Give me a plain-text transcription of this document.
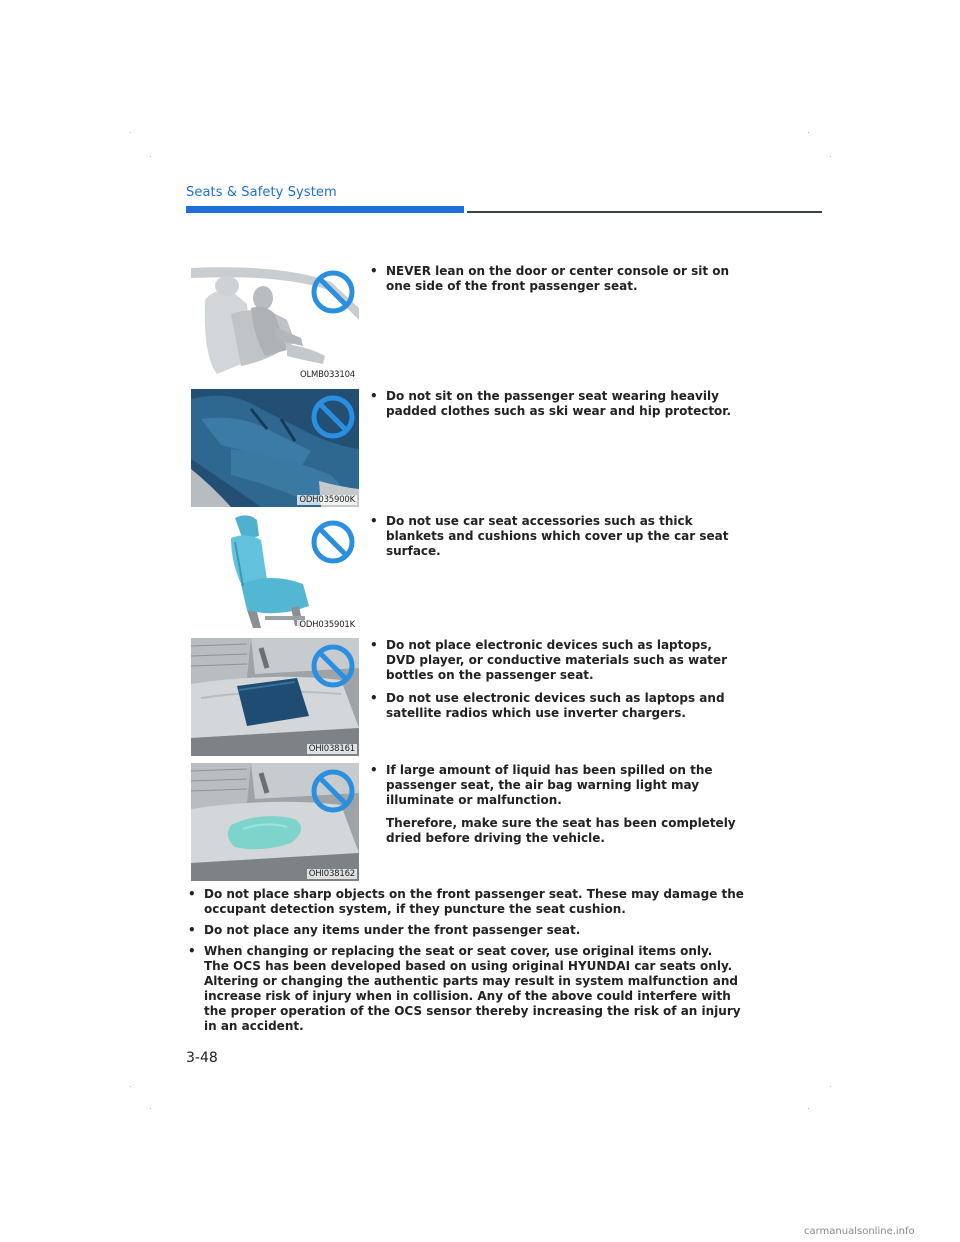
Seats & Safety System
OLMB033104
• NEVER lean on the door or center console or sit on one side of the front passenger seat.
ODH035900K
• Do not sit on the passenger seat wearing heavily padded clothes such as ski wear and hip protector.
ODH035901K
• Do not use car seat accessories such as thick blankets and cushions which cover up the car seat surface.
OHI038161
• Do not place electronic devices such as laptops, DVD player, or conductive materials such as water bottles on the passenger seat.
• Do not use electronic devices such as laptops and satellite radios which use inverter chargers.
OHI038162
• If large amount of liquid has been spilled on the passenger seat, the air bag warning light may illuminate or malfunction.
Therefore, make sure the seat has been completely dried before driving the vehicle.
• Do not place sharp objects on the front passenger seat. These may damage the occupant detection system, if they puncture the seat cushion.
• Do not place any items under the front passenger seat.
• When changing or replacing the seat or seat cover, use original items only.
The OCS has been developed based on using original HYUNDAI car seats only. Altering or changing the authentic parts may result in system malfunction and increase risk of injury when in collision. Any of the above could interfere with the proper operation of the OCS sensor thereby increasing the risk of an injury in an accident.
3-48
carmanualsonline.info
